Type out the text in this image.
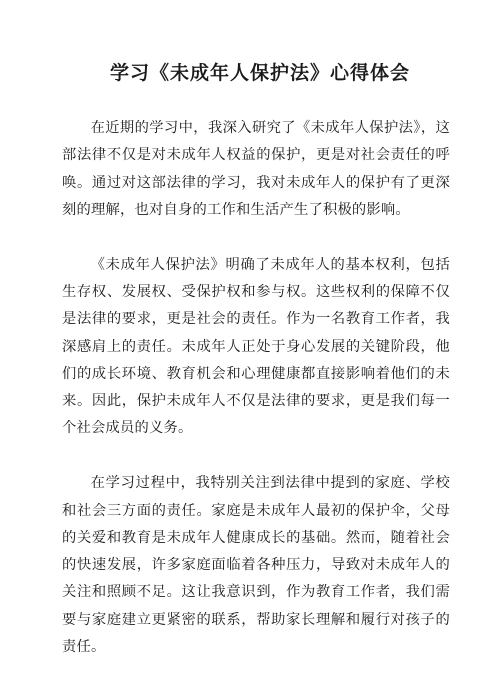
学习《未成年人保护法》心得体会

在近期的学习中，我深入研究了《未成年人保护法》，这部法律不仅是对未成年人权益的保护，更是对社会责任的呼唤。通过对这部法律的学习，我对未成年人的保护有了更深刻的理解，也对自身的工作和生活产生了积极的影响。

《未成年人保护法》明确了未成年人的基本权利，包括生存权、发展权、受保护权和参与权。这些权利的保障不仅是法律的要求，更是社会的责任。作为一名教育工作者，我深感肩上的责任。未成年人正处于身心发展的关键阶段，他们的成长环境、教育机会和心理健康都直接影响着他们的未来。因此，保护未成年人不仅是法律的要求，更是我们每一个社会成员的义务。

在学习过程中，我特别关注到法律中提到的家庭、学校和社会三方面的责任。家庭是未成年人最初的保护伞，父母的关爱和教育是未成年人健康成长的基础。然而，随着社会的快速发展，许多家庭面临着各种压力，导致对未成年人的关注和照顾不足。这让我意识到，作为教育工作者，我们需要与家庭建立更紧密的联系，帮助家长理解和履行对孩子的责任。
